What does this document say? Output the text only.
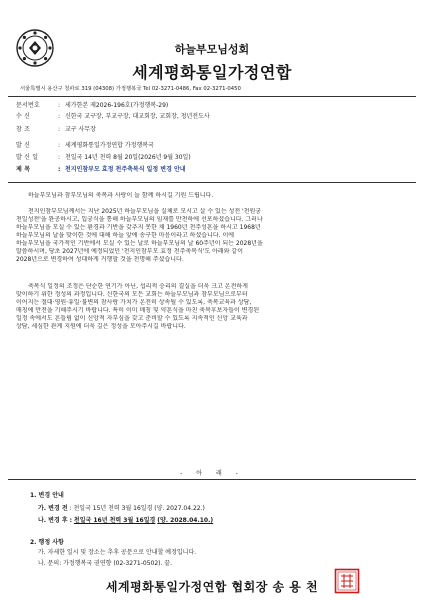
하늘부모님성회
세계평화통일가정연합
서울특별시 용산구 청파로 319 (04308) 가정행복국 Tel 02-3271-0486, Fax 02-3271-0450
문서번호	: 세가한본 제2026-196호(가정행복-29)
수 신	: 신한국 교구장, 부교구장, 대교회장, 교회장, 청년전도사
참 조	: 교구 사무장
발 신	: 세계평화통일가정연합 가정행복국
발 신 일	: 천일국 14년 천력 8월 20일(2026년 9월 30일)
제 목	: 천지인참부모 효정 천주축복식 일정 변경 안내

하늘부모님과 참부모님의 축복과 사랑이 늘 함께 하시길 기원 드립니다.

천지인참부모님께서는 지난 2025년 하늘부모님을 실체로 모시고 살 수 있는 성전 '천원궁

천일성전'을 완공하시고, 입궁식을 통해 하늘부모님의 임재를 만천하에 선포하셨습니다. 그러나

하늘부모님을 모실 수 있는 환경과 기반을 갖추지 못한 채 1960년 천주성혼을 하시고 1968년

하늘부모님의 날을 맞이한 것에 대해 하늘 앞에 송구한 마음이라고 하셨습니다. 이에

하늘부모님을 국가적인 기반에서 모실 수 있는 날로 하늘부모님의 날 60주년이 되는 2028년을

말씀하시며, 당초 2027년에 예정되었던 '천지인참부모 효정 천주축복식'도 아래와 같이

2028년으로 변경하여 성대하게 거행할 것을 천명해 주셨습니다.

축복식 일정의 조정은 단순한 연기가 아닌, 섭리적 승리의 결실을 더욱 크고 온전하게

맞이하기 위한 정성의 과정입니다. 신한국의 모든 교회는 하늘부모님과 참부모님으로부터

이어지는 절대·영원·유일·불변의 참사랑 가치가 온전히 상속될 수 있도록, 축복교육과 상담,

매칭에 만전을 기해주시기 바랍니다. 특히 이미 매칭 및 약혼식을 마친 축복후보자들이 변경된

일정 속에서도 흔들림 없이 신앙적 자부심을 갖고 준비할 수 있도록 지속적인 신앙 교육과

상담, 세심한 관계 지원에 더욱 깊은 정성을 모아주시길 바랍니다.

- 아 래 -
1. 변경 안내
가. 변경 전 : 천일국 15년 천력 3월 16일경 (양. 2027.04.22.)
나. 변경 후 : 천일국 16년 천력 3월 16일경 (양. 2028.04.10.)
2. 행정 사항
가. 자세한 일시 및 장소는 추후 공문으로 안내할 예정입니다.
나. 문의: 가정행복국 권연향 (02-3271-0502). 끝.
세계평화통일가정연합 협회장 송 용 천
